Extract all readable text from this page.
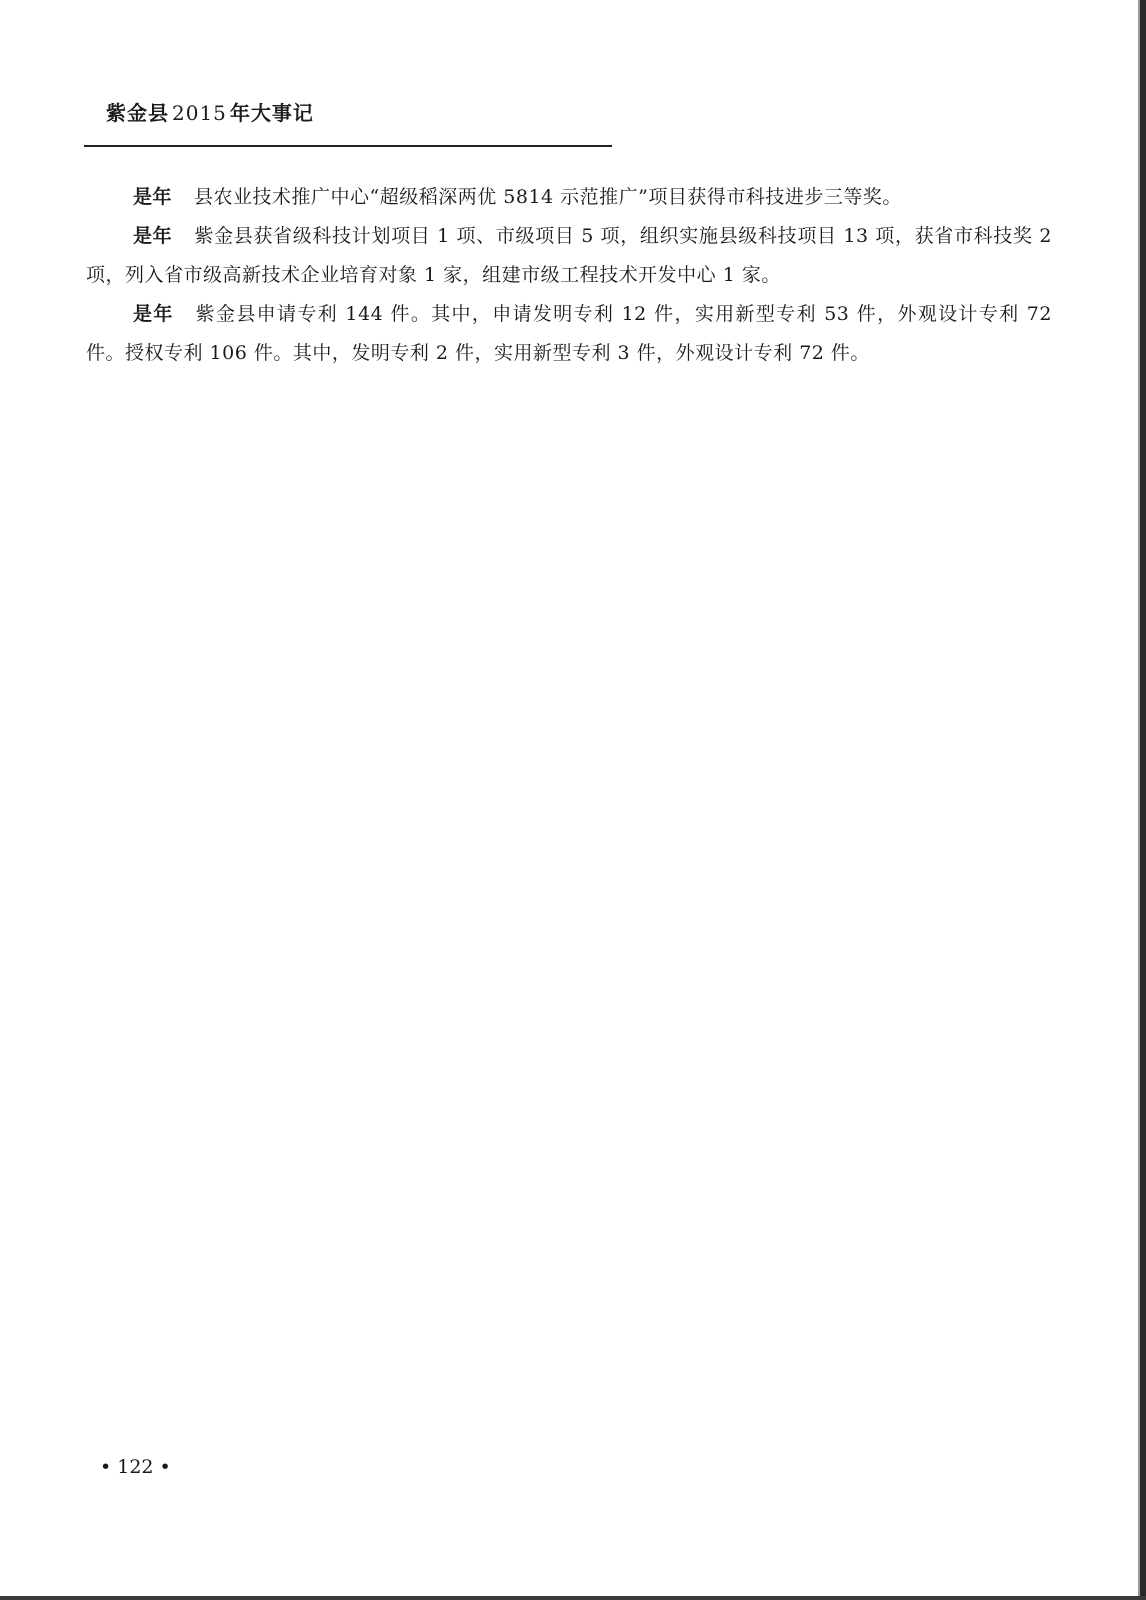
紫金县 2015 年大事记

是年 县农业技术推广中心“超级稻深两优 5814 示范推广”项目获得市科技进步三等奖。

是年 紫金县获省级科技计划项目 1 项、市级项目 5 项，组织实施县级科技项目 13 项，获省市科技奖 2 项，列入省市级高新技术企业培育对象 1 家，组建市级工程技术开发中心 1 家。

是年 紫金县申请专利 144 件。其中，申请发明专利 12 件，实用新型专利 53 件，外观设计专利 72 件。授权专利 106 件。其中，发明专利 2 件，实用新型专利 3 件，外观设计专利 72 件。

• 122 •
